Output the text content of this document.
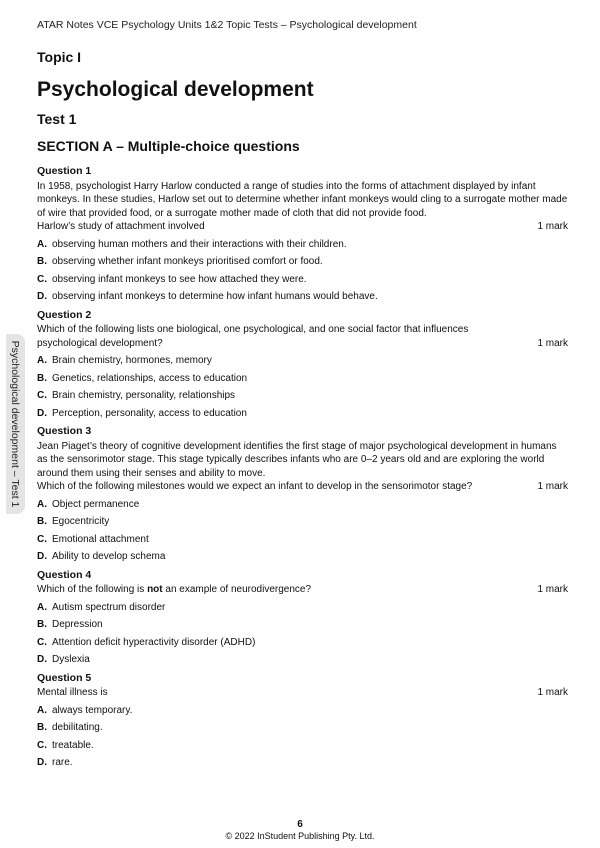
ATAR Notes VCE Psychology Units 1&2 Topic Tests – Psychological development
Topic I
Psychological development
Test 1
SECTION A – Multiple-choice questions
Psychological development – Test 1
Question 1

In 1958, psychologist Harry Harlow conducted a range of studies into the forms of attachment displayed by infant monkeys. In these studies, Harlow set out to determine whether infant monkeys would cling to a surrogate mother made of wire that provided food, or a surrogate mother made of cloth that did not provide food.

Harlow’s study of attachment involved	1 mark
A. observing human mothers and their interactions with their children.
B. observing whether infant monkeys prioritised comfort or food.
C. observing infant monkeys to see how attached they were.
D. observing infant monkeys to determine how infant humans would behave.
Question 2
Which of the following lists one biological, one psychological, and one social factor that influences psychological development?	1 mark
A. Brain chemistry, hormones, memory
B. Genetics, relationships, access to education
C. Brain chemistry, personality, relationships
D. Perception, personality, access to education
Question 3

Jean Piaget’s theory of cognitive development identifies the first stage of major psychological development in humans as the sensorimotor stage. This stage typically describes infants who are 0–2 years old and are exploring the world around them using their senses and ability to move.

Which of the following milestones would we expect an infant to develop in the sensorimotor stage?	1 mark
A. Object permanence
B. Egocentricity
C. Emotional attachment
D. Ability to develop schema
Question 4
Which of the following is not an example of neurodivergence?	1 mark
A. Autism spectrum disorder
B. Depression
C. Attention deficit hyperactivity disorder (ADHD)
D. Dyslexia
Question 5
Mental illness is	1 mark
A. always temporary.
B. debilitating.
C. treatable.
D. rare.
6
© 2022 InStudent Publishing Pty. Ltd.
